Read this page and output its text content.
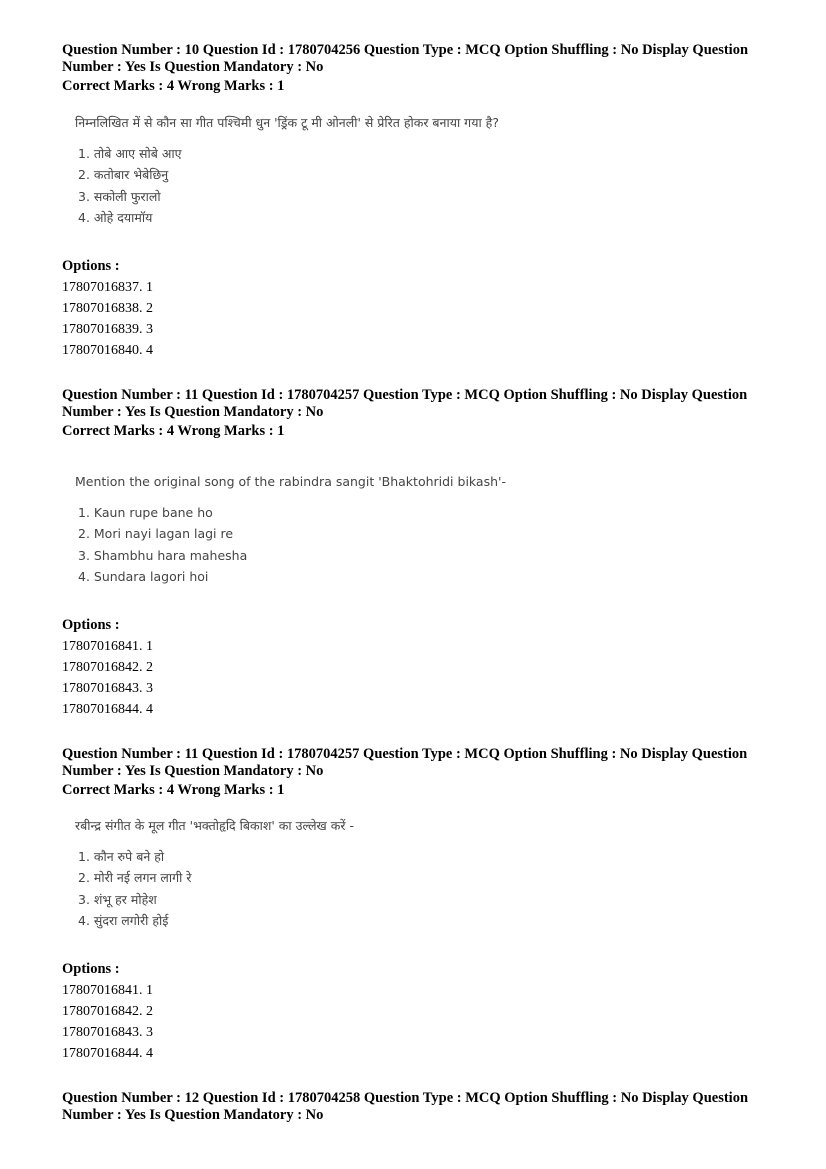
Question Number : 10 Question Id : 1780704256 Question Type : MCQ Option Shuffling : No Display Question Number : Yes Is Question Mandatory : No

Correct Marks : 4 Wrong Marks : 1

निम्नलिखित में से कौन सा गीत पश्चिमी धुन 'ड्रिंक टू मी ओनली' से प्रेरित होकर बनाया गया है?
1. तोबे आए सोबे आए
2. कतोबार भेबेछिनु
3. सकोली फुरालो
4. ओहे दयामॉय

Options :

17807016837. 1
17807016838. 2
17807016839. 3
17807016840. 4

Question Number : 11 Question Id : 1780704257 Question Type : MCQ Option Shuffling : No Display Question Number : Yes Is Question Mandatory : No

Correct Marks : 4 Wrong Marks : 1

Mention the original song of the rabindra sangit 'Bhaktohridi bikash'-
1. Kaun rupe bane ho
2. Mori nayi lagan lagi re
3. Shambhu hara mahesha
4. Sundara lagori hoi

Options :

17807016841. 1
17807016842. 2
17807016843. 3
17807016844. 4

Question Number : 11 Question Id : 1780704257 Question Type : MCQ Option Shuffling : No Display Question Number : Yes Is Question Mandatory : No

Correct Marks : 4 Wrong Marks : 1

रबीन्द्र संगीत के मूल गीत 'भक्तोहृदि बिकाश' का उल्लेख करें -
1. कौन रुपे बने हो
2. मोरी नई लगन लागी रे
3. शंभू हर मोहेश
4. सुंदरा लगोरी होई

Options :

17807016841. 1
17807016842. 2
17807016843. 3
17807016844. 4

Question Number : 12 Question Id : 1780704258 Question Type : MCQ Option Shuffling : No Display Question Number : Yes Is Question Mandatory : No
